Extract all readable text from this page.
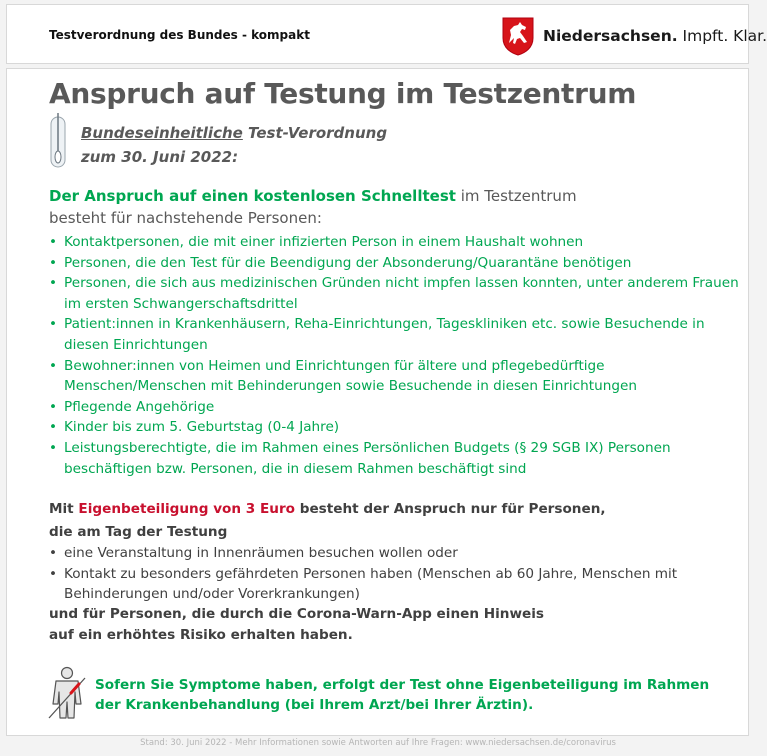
Testverordnung des Bundes - kompakt	Niedersachsen. Impft. Klar.
Anspruch auf Testung im Testzentrum
Bundeseinheitliche Test-Verordnung
zum 30. Juni 2022:
Der Anspruch auf einen kostenlosen Schnelltest im Testzentrum
besteht für nachstehende Personen:
• Kontaktpersonen, die mit einer infizierten Person in einem Haushalt wohnen
• Personen, die den Test für die Beendigung der Absonderung/Quarantäne benötigen
• Personen, die sich aus medizinischen Gründen nicht impfen lassen konnten, unter anderem Frauen im ersten Schwangerschaftsdrittel
• Patient:innen in Krankenhäusern, Reha-Einrichtungen, Tageskliniken etc. sowie Besuchende in diesen Einrichtungen
• Bewohner:innen von Heimen und Einrichtungen für ältere und pflegebedürftige Menschen/Menschen mit Behinderungen sowie Besuchende in diesen Einrichtungen
• Pflegende Angehörige
• Kinder bis zum 5. Geburtstag (0-4 Jahre)
• Leistungsberechtigte, die im Rahmen eines Persönlichen Budgets (§ 29 SGB IX) Personen beschäftigen bzw. Personen, die in diesem Rahmen beschäftigt sind
Mit Eigenbeteiligung von 3 Euro besteht der Anspruch nur für Personen,
die am Tag der Testung
• eine Veranstaltung in Innenräumen besuchen wollen oder
• Kontakt zu besonders gefährdeten Personen haben (Menschen ab 60 Jahre, Menschen mit Behinderungen und/oder Vorerkrankungen)
und für Personen, die durch die Corona-Warn-App einen Hinweis
auf ein erhöhtes Risiko erhalten haben.
Sofern Sie Symptome haben, erfolgt der Test ohne Eigenbeteiligung im Rahmen
der Krankenbehandlung (bei Ihrem Arzt/bei Ihrer Ärztin).
Stand: 30. Juni 2022 - Mehr Informationen sowie Antworten auf Ihre Fragen: www.niedersachsen.de/coronavirus
